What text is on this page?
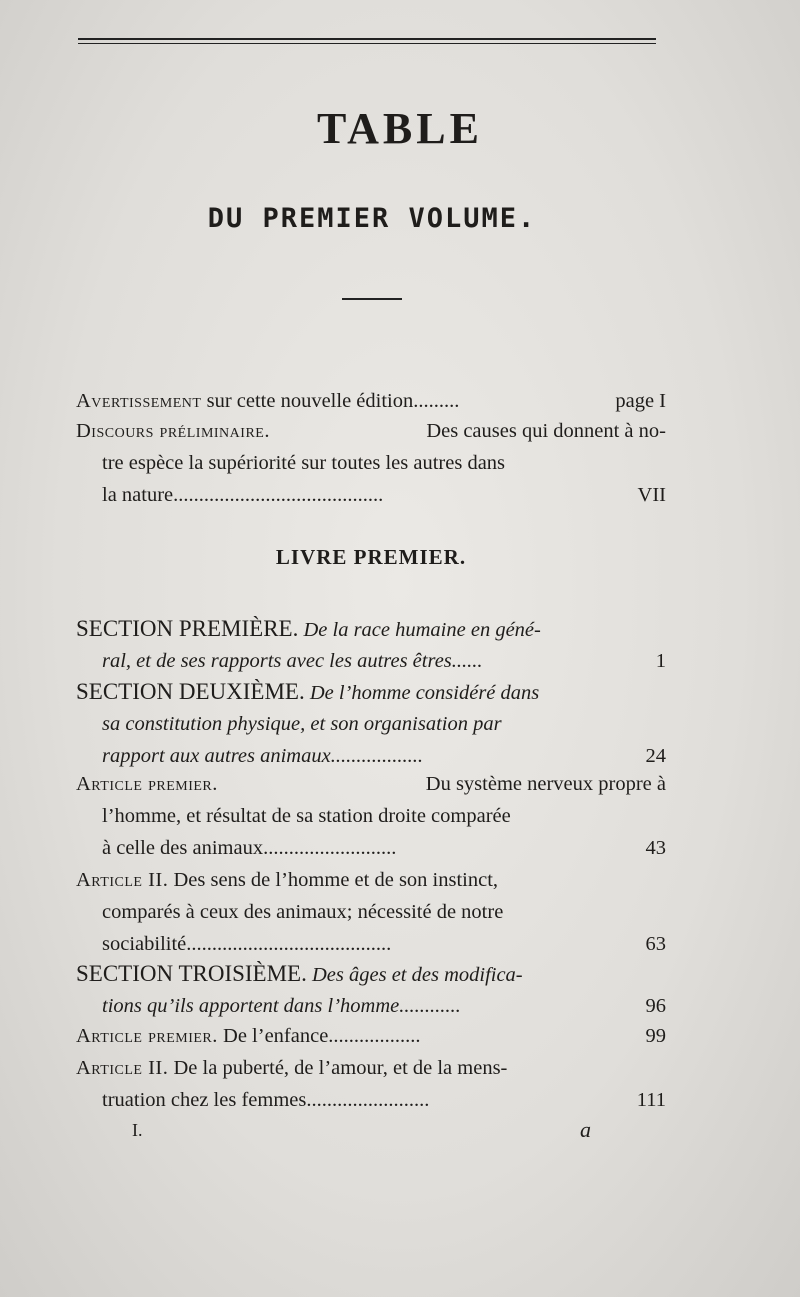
TABLE
DU PREMIER VOLUME.
Avertissement sur cette nouvelle édition.........	page I
Discours préliminaire.	Des causes qui donnent à no-
tre espèce la supériorité sur toutes les autres dans
la nature.........................................	VII
LIVRE PREMIER.
SECTION PREMIÈRE. De la race humaine en géné-
ral, et de ses rapports avec les autres êtres......	1
SECTION DEUXIÈME. De l’homme considéré dans
sa constitution physique, et son organisation par
rapport aux autres animaux..................	24
Article premier.	Du système nerveux propre à
l’homme, et résultat de sa station droite comparée
à celle des animaux..........................	43
Article II. Des sens de l’homme et de son instinct,
comparés à ceux des animaux; nécessité de notre
sociabilité........................................	63
SECTION TROISIÈME. Des âges et des modifica-
tions qu’ils apportent dans l’homme............	96
Article premier. De l’enfance..................	99
Article II. De la puberté, de l’amour, et de la mens-
truation chez les femmes........................	111
I.	a
